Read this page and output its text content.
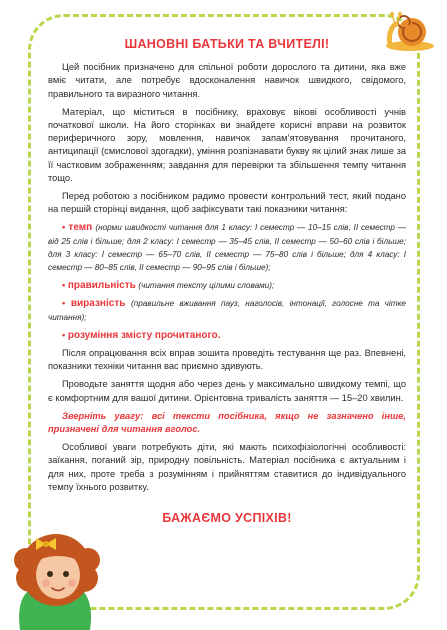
ШАНОВНІ БАТЬКИ ТА ВЧИТЕЛІ!

Цей посібник призначено для спільної роботи дорослого та дитини, яка вже вміє читати, але потребує вдосконалення навичок швидкого, свідомого, правильного та виразного читання.

Матеріал, що міститься в посібнику, враховує вікові особливості учнів початкової школи. На його сторінках ви знайдете корисні вправи на розвиток периферичного зору, мовлення, навичок запам’ятовування прочитаного, антиципації (смислової здогадки), уміння розпізнавати букву як цілий знак лише за її частковим зображенням; завдання для перевірки та збільшення темпу читання тощо.

Перед роботою з посібником радимо провести контрольний тест, який подано на першій сторінці видання, щоб зафіксувати такі показники читання:

• темп (норми швидкості читання для 1 класу: I семестр — 10–15 слів, II семестр — від 25 слів і більше; для 2 класу: I семестр — 35–45 слів, II семестр — 50–60 слів і більше; для 3 класу: I семестр — 65–70 слів, II семестр — 75–80 слів і більше; для 4 класу: I семестр — 80–85 слів, II семестр — 90–95 слів і більше);

• правильність (читання тексту цілими словами);

• виразність (правильне вживання пауз, наголосів, інтонації, голосне та чітке читання);

• розуміння змісту прочитаного.

Після опрацювання всіх вправ зошита проведіть тестування ще раз. Впевнені, показники техніки читання вас приємно здивують.

Проводьте заняття щодня або через день у максимально швидкому темпі, що є комфортним для вашої дитини. Орієнтовна тривалість заняття — 15–20 хвилин.

Зверніть увагу: всі тексти посібника, якщо не зазначено інше, призначені для читання вголос.

Особливої уваги потребують діти, які мають психофізіологічні особливості: заїкання, поганий зір, природну повільність. Матеріал посібника є актуальним і для них, проте треба з розумінням і прийняттям ставитися до індивідуального темпу їхнього розвитку.

БАЖАЄМО УСПІХІВ!
